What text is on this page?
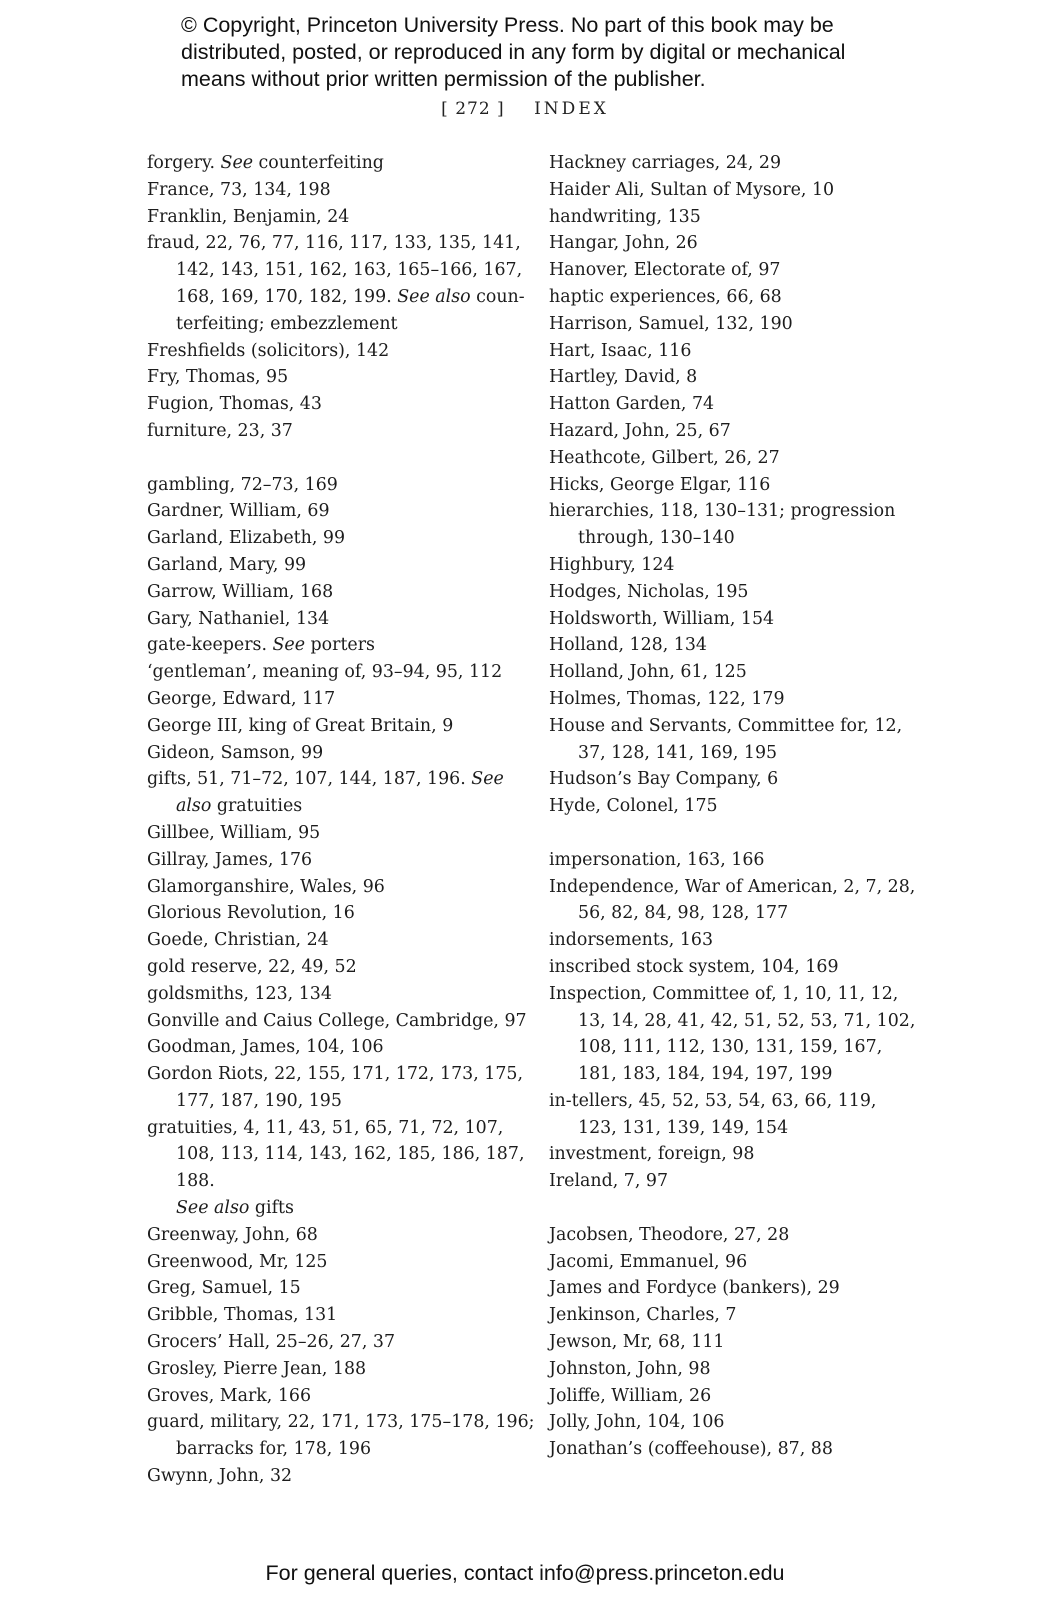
© Copyright, Princeton University Press. No part of this book may be
distributed, posted, or reproduced in any form by digital or mechanical
means without prior written permission of the publisher.
[ 272 ] INDEX

forgery. See counterfeiting

France, 73, 134, 198

Franklin, Benjamin, 24

fraud, 22, 76, 77, 116, 117, 133, 135, 141, 142, 143, 151, 162, 163, 165–166, 167, 168, 169, 170, 182, 199. See also counterfeiting; embezzlement

Freshfields (solicitors), 142

Fry, Thomas, 95

Fugion, Thomas, 43

furniture, 23, 37

gambling, 72–73, 169

Gardner, William, 69

Garland, Elizabeth, 99

Garland, Mary, 99

Garrow, William, 168

Gary, Nathaniel, 134

gate-keepers. See porters

‘gentleman’, meaning of, 93–94, 95, 112

George, Edward, 117

George III, king of Great Britain, 9

Gideon, Samson, 99

gifts, 51, 71–72, 107, 144, 187, 196. See also gratuities

Gillbee, William, 95

Gillray, James, 176

Glamorganshire, Wales, 96

Glorious Revolution, 16

Goede, Christian, 24

gold reserve, 22, 49, 52

goldsmiths, 123, 134

Gonville and Caius College, Cambridge, 97

Goodman, James, 104, 106

Gordon Riots, 22, 155, 171, 172, 173, 175, 177, 187, 190, 195

gratuities, 4, 11, 43, 51, 65, 71, 72, 107, 108, 113, 114, 143, 162, 185, 186, 187, 188.
See also gifts

Greenway, John, 68

Greenwood, Mr, 125

Greg, Samuel, 15

Gribble, Thomas, 131

Grocers’ Hall, 25–26, 27, 37

Grosley, Pierre Jean, 188

Groves, Mark, 166

guard, military, 22, 171, 173, 175–178, 196; barracks for, 178, 196

Gwynn, John, 32

Hackney carriages, 24, 29

Haider Ali, Sultan of Mysore, 10

handwriting, 135

Hangar, John, 26

Hanover, Electorate of, 97

haptic experiences, 66, 68

Harrison, Samuel, 132, 190

Hart, Isaac, 116

Hartley, David, 8

Hatton Garden, 74

Hazard, John, 25, 67

Heathcote, Gilbert, 26, 27

Hicks, George Elgar, 116

hierarchies, 118, 130–131; progression through, 130–140

Highbury, 124

Hodges, Nicholas, 195

Holdsworth, William, 154

Holland, 128, 134

Holland, John, 61, 125

Holmes, Thomas, 122, 179

House and Servants, Committee for, 12, 37, 128, 141, 169, 195

Hudson’s Bay Company, 6

Hyde, Colonel, 175

impersonation, 163, 166

Independence, War of American, 2, 7, 28, 56, 82, 84, 98, 128, 177

indorsements, 163

inscribed stock system, 104, 169

Inspection, Committee of, 1, 10, 11, 12, 13, 14, 28, 41, 42, 51, 52, 53, 71, 102, 108, 111, 112, 130, 131, 159, 167, 181, 183, 184, 194, 197, 199

in-tellers, 45, 52, 53, 54, 63, 66, 119, 123, 131, 139, 149, 154

investment, foreign, 98

Ireland, 7, 97

Jacobsen, Theodore, 27, 28

Jacomi, Emmanuel, 96

James and Fordyce (bankers), 29

Jenkinson, Charles, 7

Jewson, Mr, 68, 111

Johnston, John, 98

Joliffe, William, 26

Jolly, John, 104, 106

Jonathan’s (coffeehouse), 87, 88

For general queries, contact info@press.princeton.edu
